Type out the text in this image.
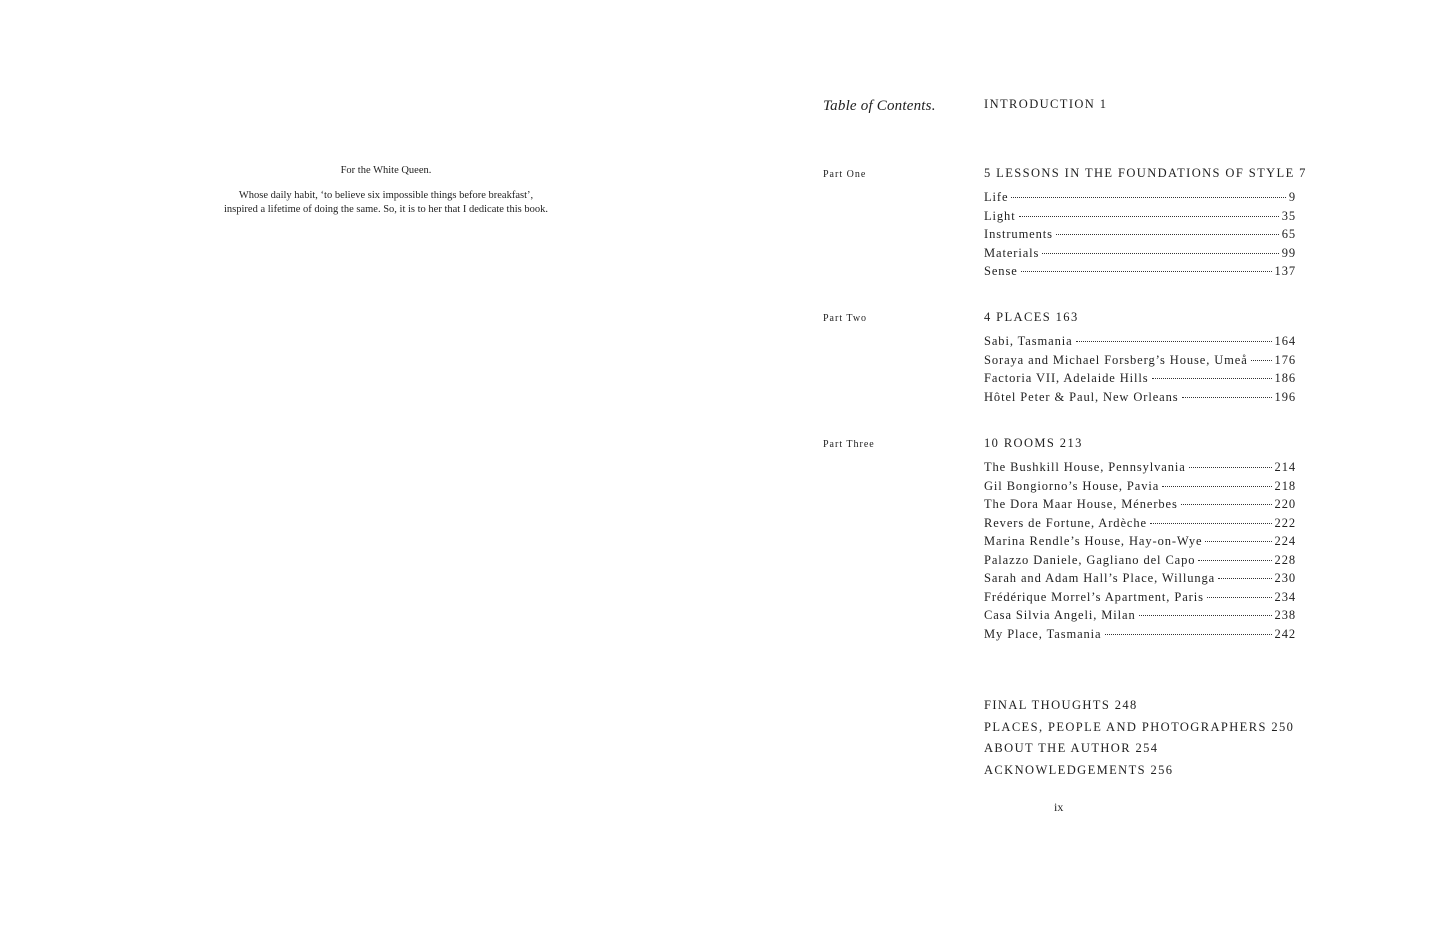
For the White Queen.
Whose daily habit, ‘to believe six impossible things before breakfast’,
inspired a lifetime of doing the same. So, it is to her that I dedicate this book.
Table of Contents.	INTRODUCTION 1
Part One	5 LESSONS IN THE FOUNDATIONS OF STYLE 7
Life	9
Light	35
Instruments	65
Materials	99
Sense	137
Part Two	4 PLACES 163
Sabi, Tasmania	164
Soraya and Michael Forsberg’s House, Umeå 176
Factoria VII, Adelaide Hills	186
Hôtel Peter & Paul, New Orleans	196
Part Three	10 ROOMS 213
The Bushkill House, Pennsylvania	214
Gil Bongiorno’s House, Pavia	218
The Dora Maar House, Ménerbes	220
Revers de Fortune, Ardèche	222
Marina Rendle’s House, Hay-on-Wye	224
Palazzo Daniele, Gagliano del Capo	228
Sarah and Adam Hall’s Place, Willunga	230
Frédérique Morrel’s Apartment, Paris	234
Casa Silvia Angeli, Milan	238
My Place, Tasmania	242
FINAL THOUGHTS 248
PLACES, PEOPLE AND PHOTOGRAPHERS 250
ABOUT THE AUTHOR 254
ACKNOWLEDGEMENTS 256
ix
